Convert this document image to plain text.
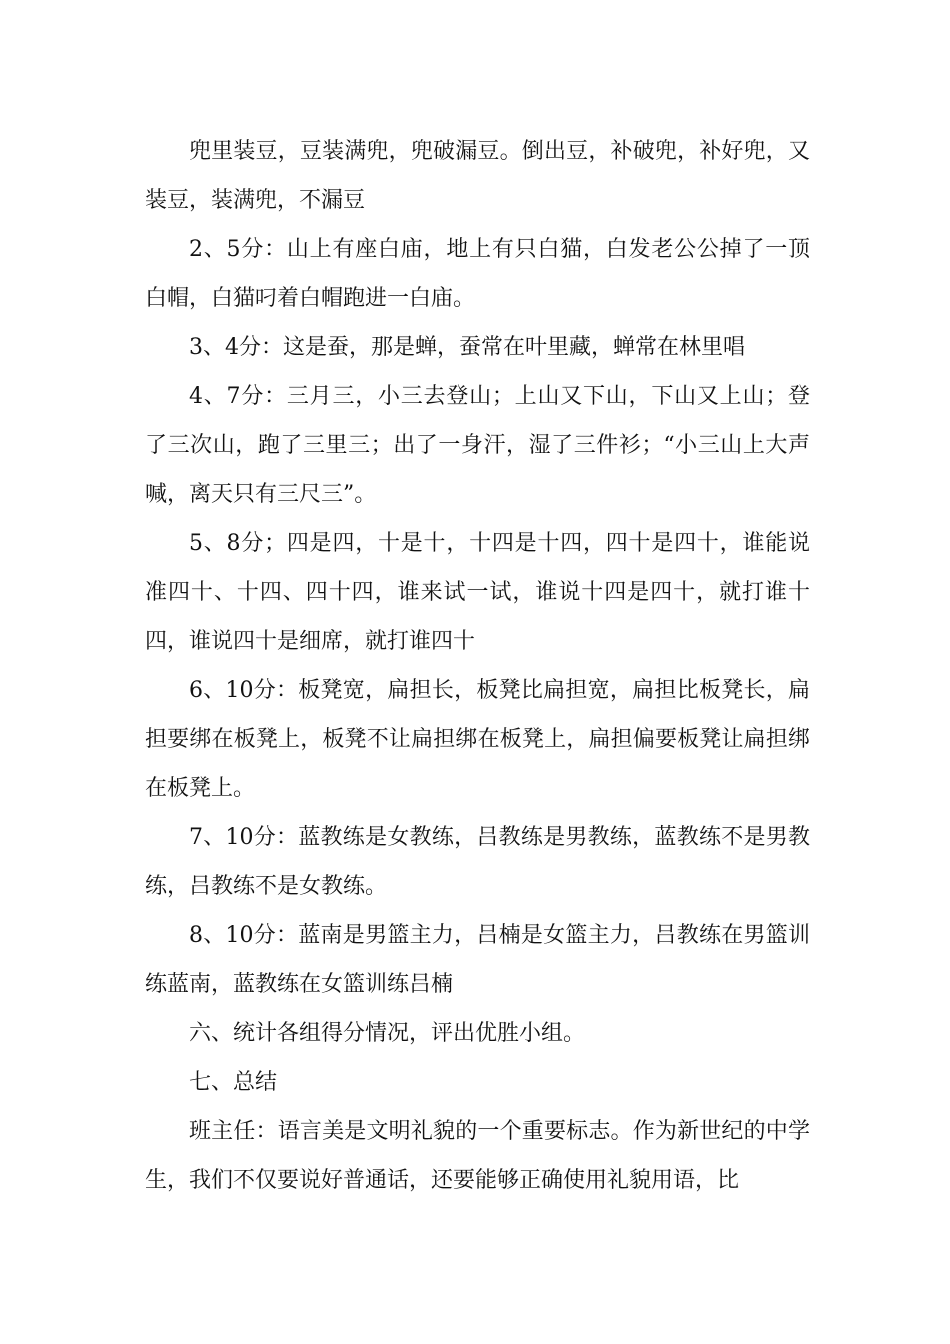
兜里装豆，豆装满兜，兜破漏豆。倒出豆，补破兜，补好兜，又装豆，装满兜，不漏豆

2、5分：山上有座白庙，地上有只白猫，白发老公公掉了一顶白帽，白猫叼着白帽跑进一白庙。

3、4分：这是蚕，那是蝉，蚕常在叶里藏，蝉常在林里唱

4、7分：三月三，小三去登山；上山又下山，下山又上山；登了三次山，跑了三里三；出了一身汗，湿了三件衫；“小三山上大声喊，离天只有三尺三”。

5、8分；四是四，十是十，十四是十四，四十是四十，谁能说准四十、十四、四十四，谁来试一试，谁说十四是四十，就打谁十四，谁说四十是细席，就打谁四十

6、10分：板凳宽，扁担长，板凳比扁担宽，扁担比板凳长，扁担要绑在板凳上，板凳不让扁担绑在板凳上，扁担偏要板凳让扁担绑在板凳上。

7、10分：蓝教练是女教练，吕教练是男教练，蓝教练不是男教练，吕教练不是女教练。

8、10分：蓝南是男篮主力，吕楠是女篮主力，吕教练在男篮训练蓝南，蓝教练在女篮训练吕楠

六、统计各组得分情况，评出优胜小组。

七、总结

班主任：语言美是文明礼貌的一个重要标志。作为新世纪的中学生，我们不仅要说好普通话，还要能够正确使用礼貌用语，比
